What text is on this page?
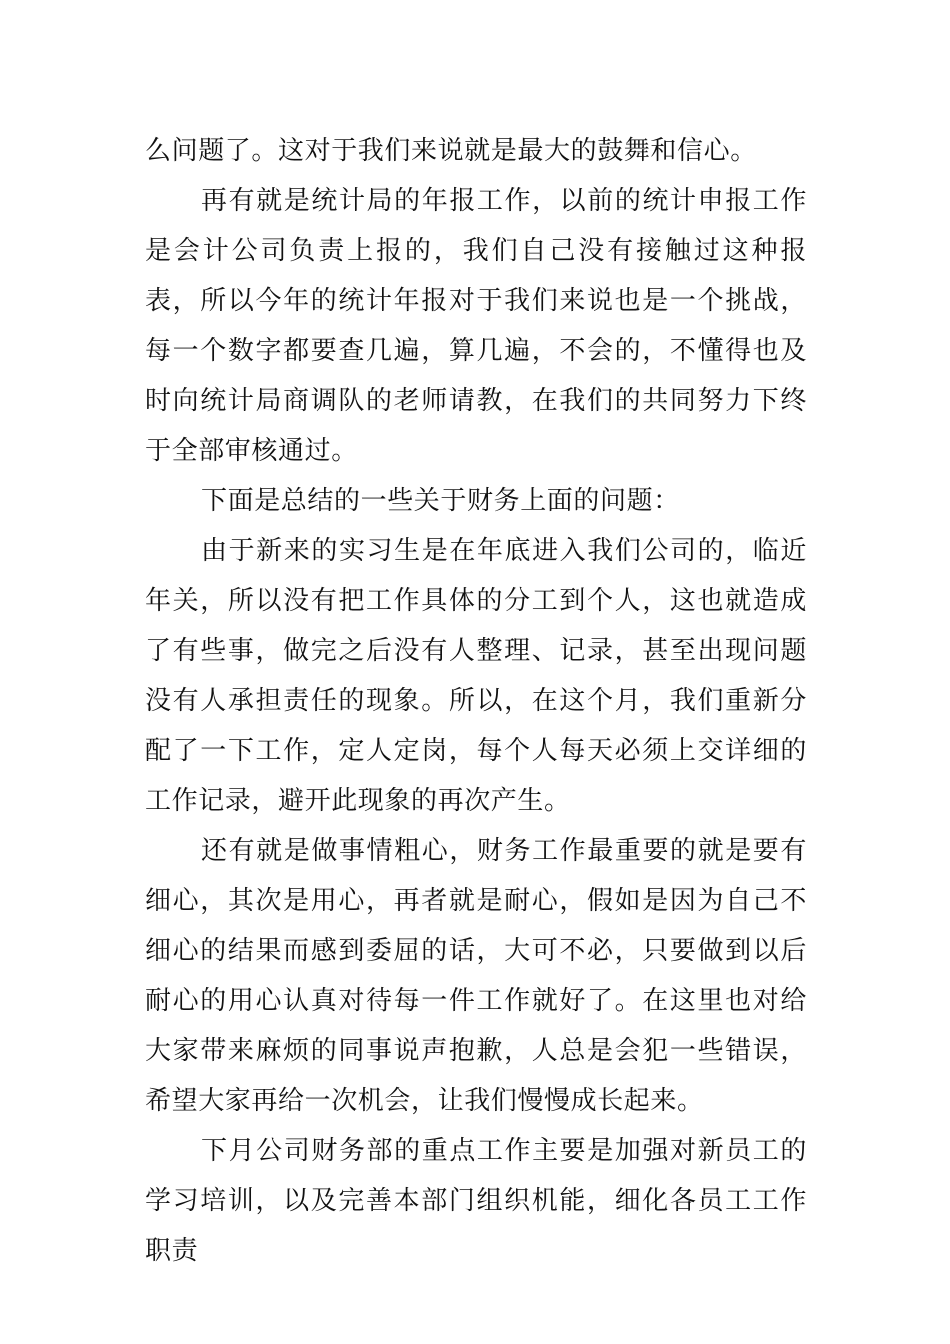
么问题了。这对于我们来说就是最大的鼓舞和信心。

再有就是统计局的年报工作，以前的统计申报工作是会计公司负责上报的，我们自己没有接触过这种报表，所以今年的统计年报对于我们来说也是一个挑战，每一个数字都要查几遍，算几遍，不会的，不懂得也及时向统计局商调队的老师请教，在我们的共同努力下终于全部审核通过。

下面是总结的一些关于财务上面的问题：

由于新来的实习生是在年底进入我们公司的，临近年关，所以没有把工作具体的分工到个人，这也就造成了有些事，做完之后没有人整理、记录，甚至出现问题没有人承担责任的现象。所以，在这个月，我们重新分配了一下工作，定人定岗，每个人每天必须上交详细的工作记录，避开此现象的再次产生。

还有就是做事情粗心，财务工作最重要的就是要有细心，其次是用心，再者就是耐心，假如是因为自己不细心的结果而感到委屈的话，大可不必，只要做到以后耐心的用心认真对待每一件工作就好了。在这里也对给大家带来麻烦的同事说声抱歉，人总是会犯一些错误，希望大家再给一次机会，让我们慢慢成长起来。

下月公司财务部的重点工作主要是加强对新员工的学习培训，以及完善本部门组织机能，细化各员工工作职责
